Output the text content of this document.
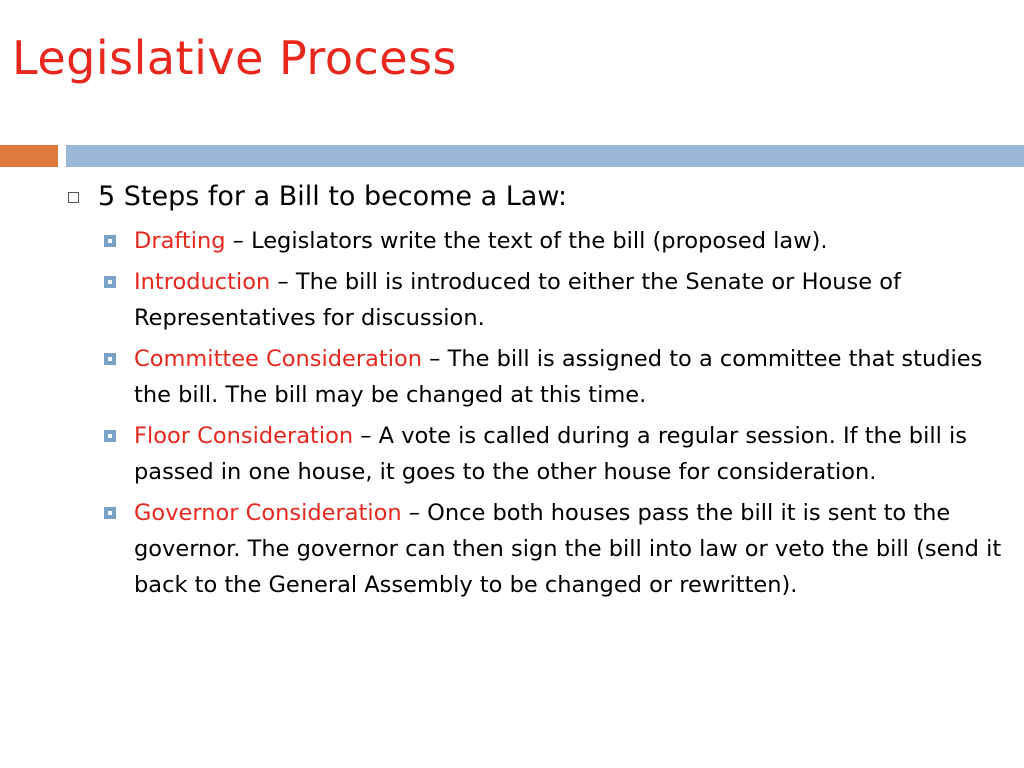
Legislative Process
5 Steps for a Bill to become a Law:
Drafting – Legislators write the text of the bill (proposed law).
Introduction – The bill is introduced to either the Senate or House of Representatives for discussion.
Committee Consideration – The bill is assigned to a committee that studies the bill. The bill may be changed at this time.
Floor Consideration – A vote is called during a regular session. If the bill is passed in one house, it goes to the other house for consideration.
Governor Consideration – Once both houses pass the bill it is sent to the governor. The governor can then sign the bill into law or veto the bill (send it back to the General Assembly to be changed or rewritten).
